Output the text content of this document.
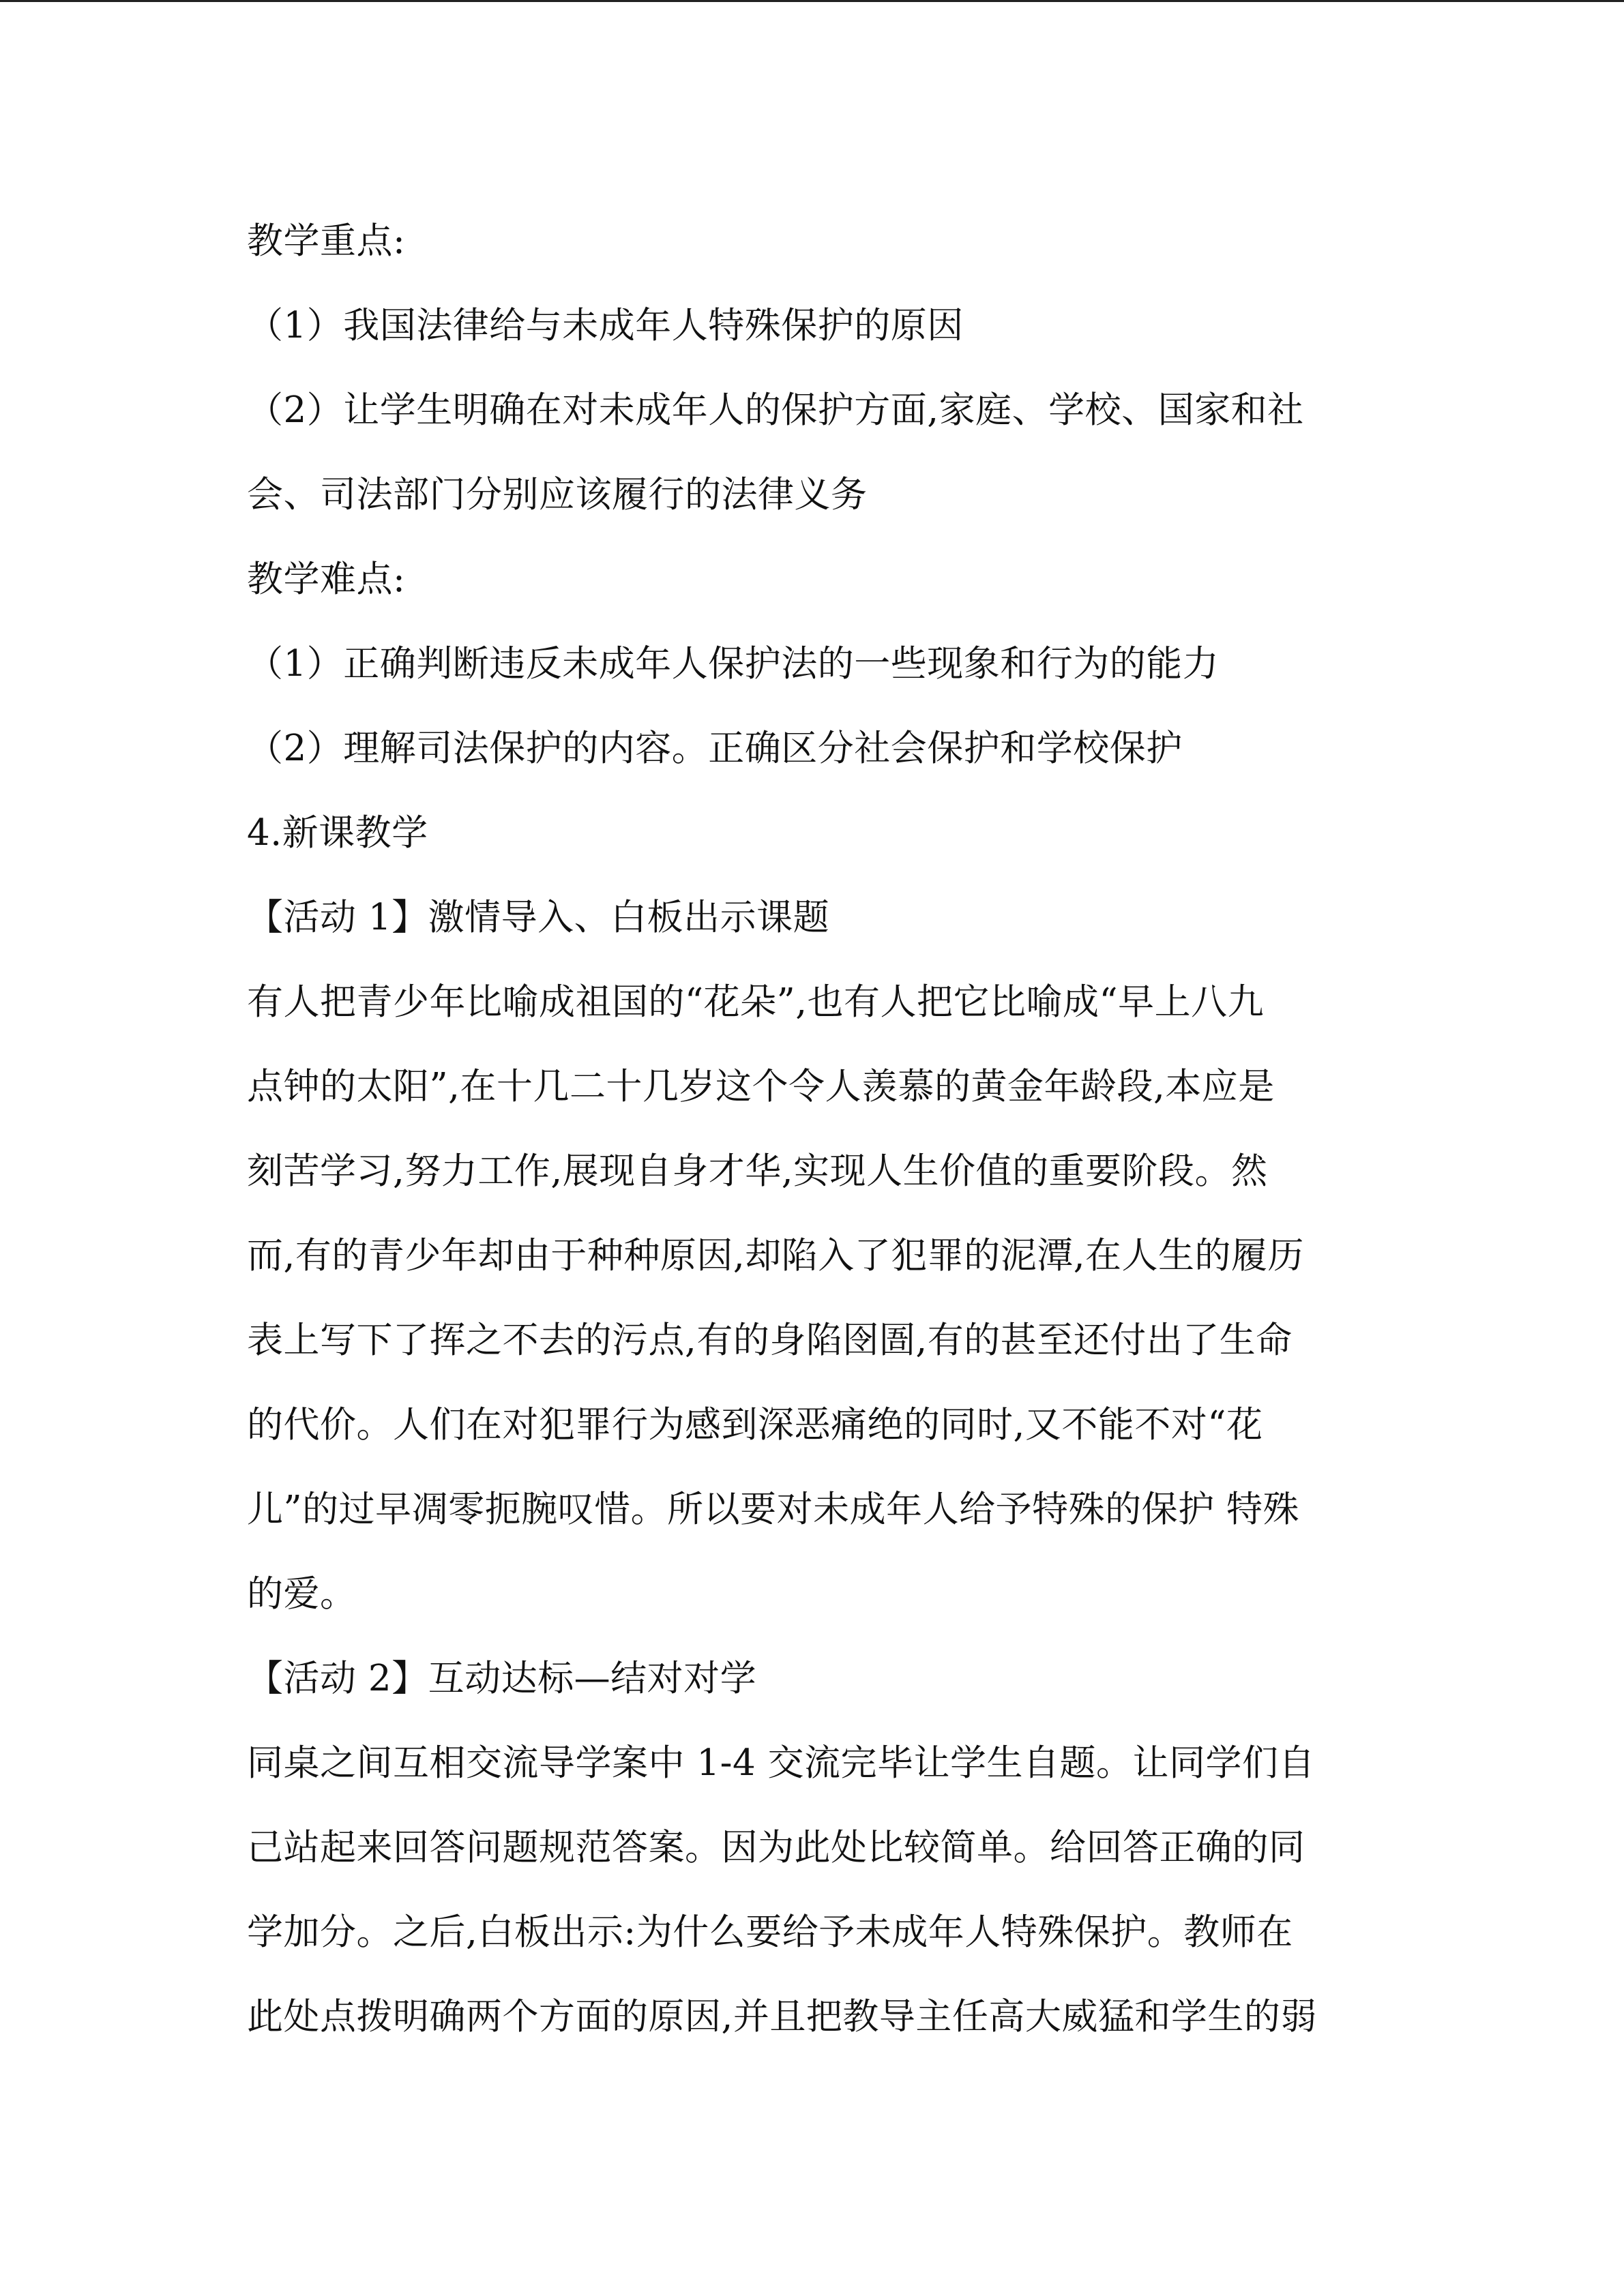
教学重点:
（1）我国法律给与未成年人特殊保护的原因
（2）让学生明确在对未成年人的保护方面,家庭、学校、国家和社
会、司法部门分别应该履行的法律义务
教学难点:
（1）正确判断违反未成年人保护法的一些现象和行为的能力
（2）理解司法保护的内容。正确区分社会保护和学校保护
4.新课教学
【活动 1】激情导入、白板出示课题
有人把青少年比喻成祖国的“花朵”,也有人把它比喻成“早上八九
点钟的太阳”,在十几二十几岁这个令人羡慕的黄金年龄段,本应是
刻苦学习,努力工作,展现自身才华,实现人生价值的重要阶段。然
而,有的青少年却由于种种原因,却陷入了犯罪的泥潭,在人生的履历
表上写下了挥之不去的污点,有的身陷囹圄,有的甚至还付出了生命
的代价。人们在对犯罪行为感到深恶痛绝的同时,又不能不对“花
儿”的过早凋零扼腕叹惜。所以要对未成年人给予特殊的保护 特殊
的爱。
【活动 2】互动达标—结对对学
同桌之间互相交流导学案中 1-4 交流完毕让学生自题。让同学们自
己站起来回答问题规范答案。因为此处比较简单。给回答正确的同
学加分。之后,白板出示:为什么要给予未成年人特殊保护。教师在
此处点拨明确两个方面的原因,并且把教导主任高大威猛和学生的弱
